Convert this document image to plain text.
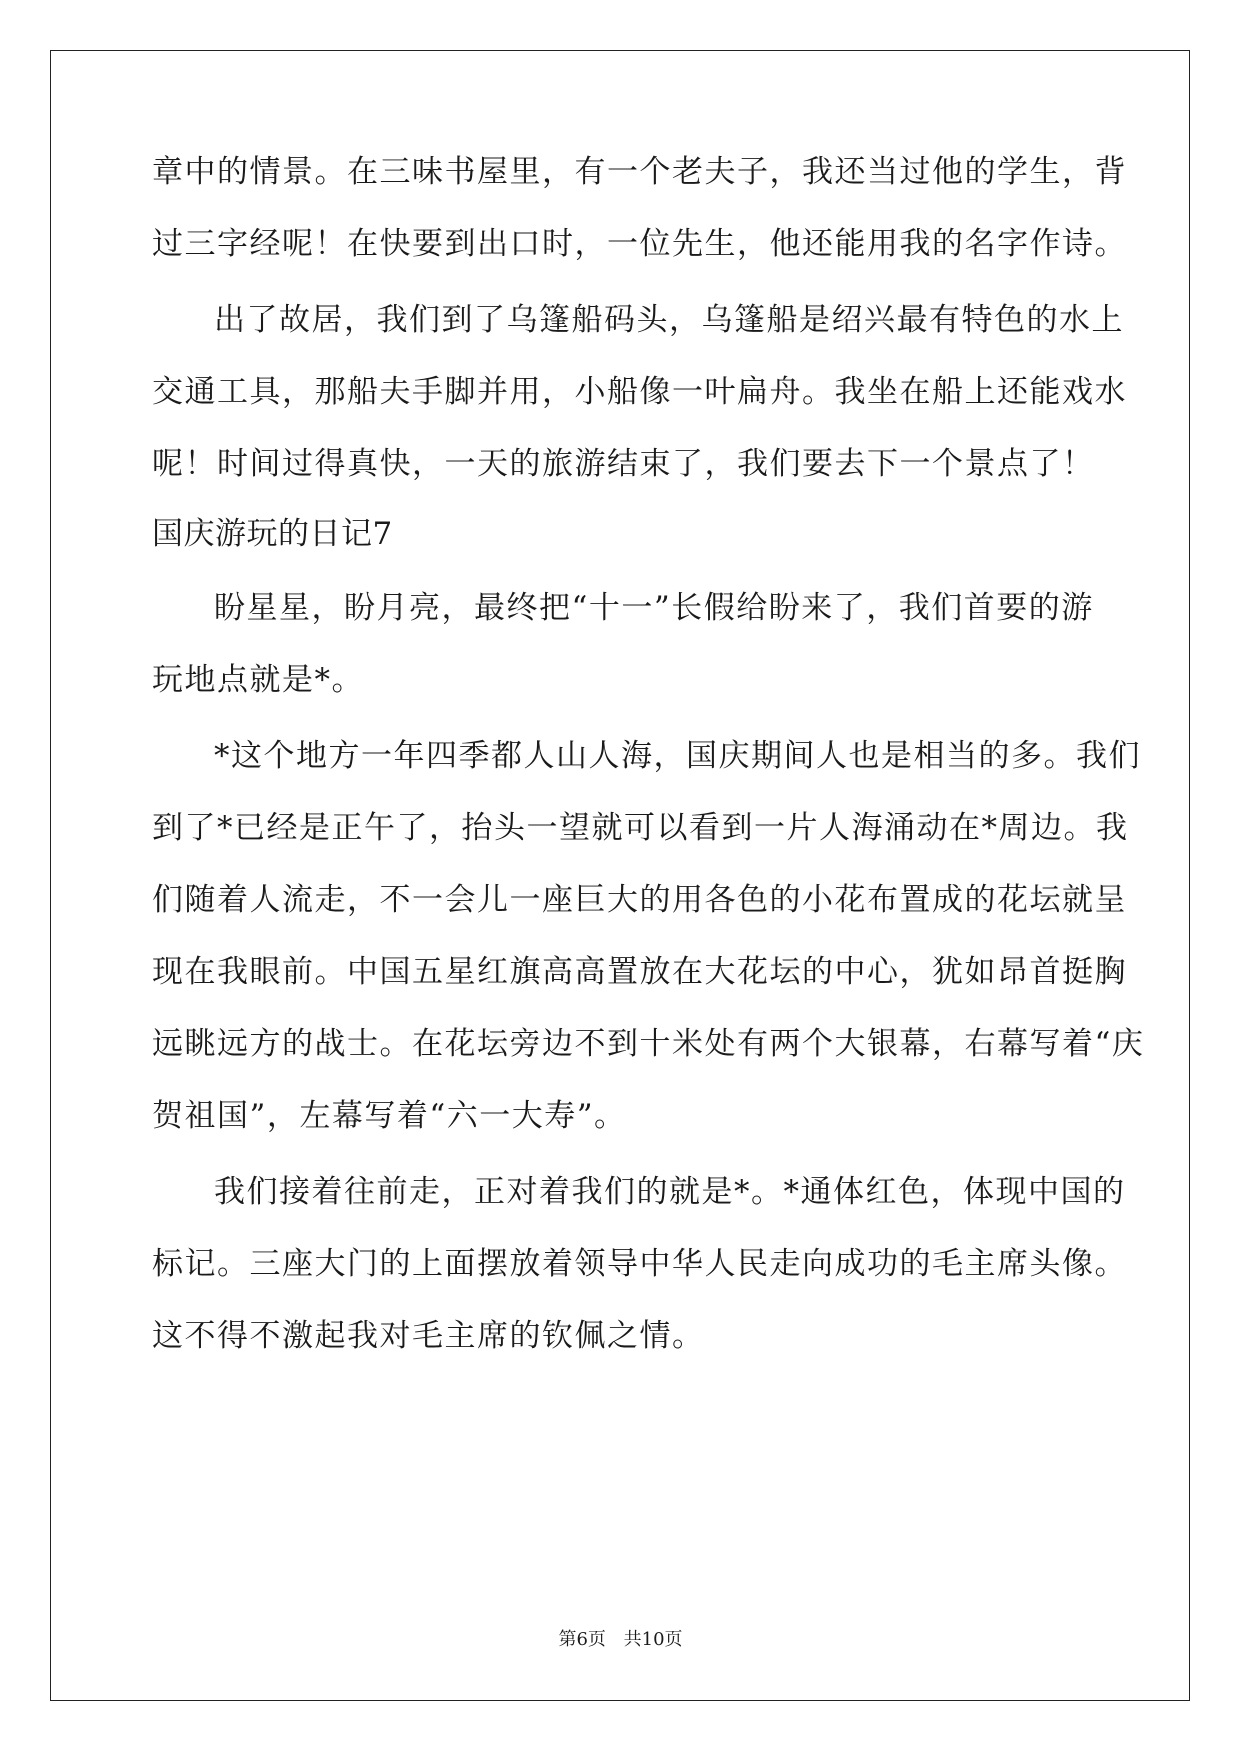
章中的情景。在三味书屋里，有一个老夫子，我还当过他的学生，背
过三字经呢！在快要到出口时，一位先生，他还能用我的名字作诗。
出了故居，我们到了乌篷船码头，乌篷船是绍兴最有特色的水上
交通工具，那船夫手脚并用，小船像一叶扁舟。我坐在船上还能戏水
呢！时间过得真快，一天的旅游结束了，我们要去下一个景点了！
国庆游玩的日记7
盼星星，盼月亮，最终把“十一”长假给盼来了，我们首要的游
玩地点就是*。
*这个地方一年四季都人山人海，国庆期间人也是相当的多。我们
到了*已经是正午了，抬头一望就可以看到一片人海涌动在*周边。我
们随着人流走，不一会儿一座巨大的用各色的小花布置成的花坛就呈
现在我眼前。中国五星红旗高高置放在大花坛的中心，犹如昂首挺胸
远眺远方的战士。在花坛旁边不到十米处有两个大银幕，右幕写着“庆
贺祖国”，左幕写着“六一大寿”。
我们接着往前走，正对着我们的就是*。*通体红色，体现中国的
标记。三座大门的上面摆放着领导中华人民走向成功的毛主席头像。
这不得不激起我对毛主席的钦佩之情。
第6页 共10页
